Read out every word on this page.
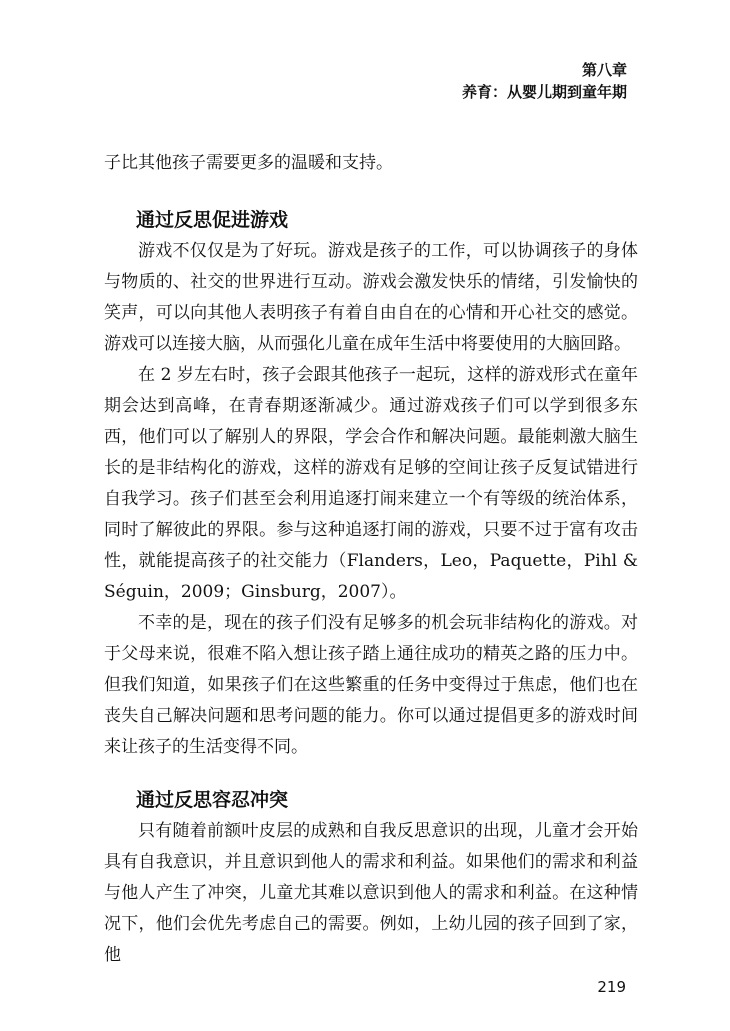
第八章
养育：从婴儿期到童年期

子比其他孩子需要更多的温暖和支持。

通过反思促进游戏

游戏不仅仅是为了好玩。游戏是孩子的工作，可以协调孩子的身体与物质的、社交的世界进行互动。游戏会激发快乐的情绪，引发愉快的笑声，可以向其他人表明孩子有着自由自在的心情和开心社交的感觉。游戏可以连接大脑，从而强化儿童在成年生活中将要使用的大脑回路。

在 2 岁左右时，孩子会跟其他孩子一起玩，这样的游戏形式在童年期会达到高峰，在青春期逐渐减少。通过游戏孩子们可以学到很多东西，他们可以了解别人的界限，学会合作和解决问题。最能刺激大脑生长的是非结构化的游戏，这样的游戏有足够的空间让孩子反复试错进行自我学习。孩子们甚至会利用追逐打闹来建立一个有等级的统治体系，同时了解彼此的界限。参与这种追逐打闹的游戏，只要不过于富有攻击性，就能提高孩子的社交能力（Flanders，Leo，Paquette，Pihl & Séguin，2009；Ginsburg，2007）。

不幸的是，现在的孩子们没有足够多的机会玩非结构化的游戏。对于父母来说，很难不陷入想让孩子踏上通往成功的精英之路的压力中。但我们知道，如果孩子们在这些繁重的任务中变得过于焦虑，他们也在丧失自己解决问题和思考问题的能力。你可以通过提倡更多的游戏时间来让孩子的生活变得不同。

通过反思容忍冲突

只有随着前额叶皮层的成熟和自我反思意识的出现，儿童才会开始具有自我意识，并且意识到他人的需求和利益。如果他们的需求和利益与他人产生了冲突，儿童尤其难以意识到他人的需求和利益。在这种情况下，他们会优先考虑自己的需要。例如，上幼儿园的孩子回到了家，他

219
